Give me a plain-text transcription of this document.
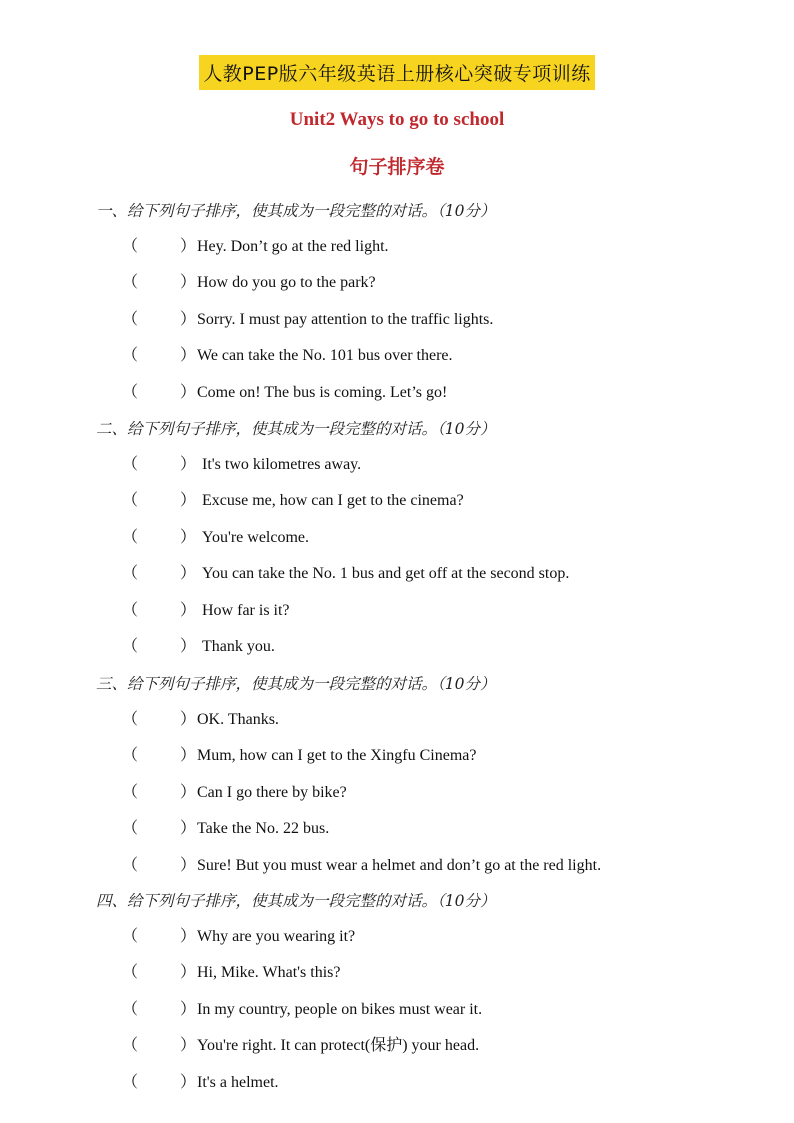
人教PEP版六年级英语上册核心突破专项训练
Unit2 Ways to go to school
句子排序卷
一、给下列句子排序，使其成为一段完整的对话。（10分）
（	） Hey. Don’t go at the red light.
（	） How do you go to the park?
（	） Sorry. I must pay attention to the traffic lights.
（	） We can take the No. 101 bus over there.
（	） Come on! The bus is coming. Let’s go!
二、给下列句子排序，使其成为一段完整的对话。（10分）
（	） It's two kilometres away.
（	） Excuse me, how can I get to the cinema?
（	） You're welcome.
（	） You can take the No. 1 bus and get off at the second stop.
（	） How far is it?
（	） Thank you.
三、给下列句子排序，使其成为一段完整的对话。（10分）
（	） OK. Thanks.
（	） Mum, how can I get to the Xingfu Cinema?
（	） Can I go there by bike?
（	） Take the No. 22 bus.
（	） Sure! But you must wear a helmet and don’t go at the red light.
四、给下列句子排序，使其成为一段完整的对话。（10分）
（	） Why are you wearing it?
（	） Hi, Mike. What's this?
（	） In my country, people on bikes must wear it.
（	） You're right. It can protect(保护) your head.
（	） It's a helmet.
